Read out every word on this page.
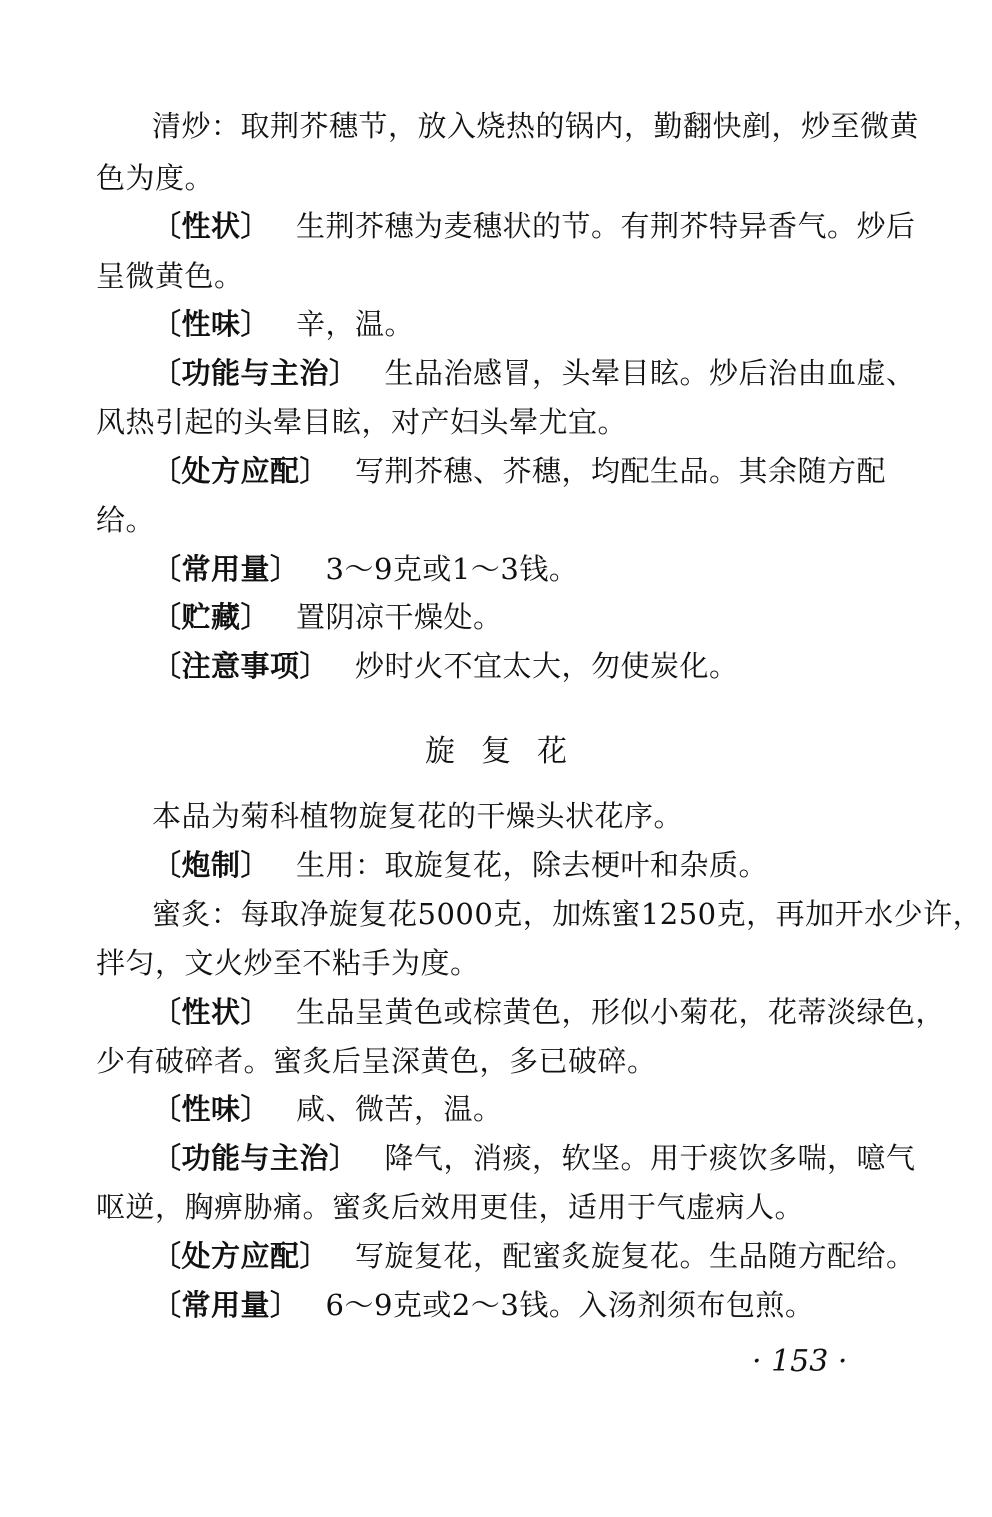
清炒：取荆芥穗节，放入烧热的锅内，勤翻快剷，炒至微黄
色为度。
〔性状〕 生荆芥穗为麦穗状的节。有荆芥特异香气。炒后
呈微黄色。
〔性味〕 辛，温。
〔功能与主治〕 生品治感冒，头晕目眩。炒后治由血虚、
风热引起的头晕目眩，对产妇头晕尤宜。
〔处方应配〕 写荆芥穗、芥穗，均配生品。其余随方配
给。
〔常用量〕 3～9克或1～3钱。
〔贮藏〕 置阴凉干燥处。
〔注意事项〕 炒时火不宜太大，勿使炭化。
旋复花
本品为菊科植物旋复花的干燥头状花序。
〔炮制〕 生用：取旋复花，除去梗叶和杂质。
蜜炙：每取净旋复花5000克，加炼蜜1250克，再加开水少许，
拌匀，文火炒至不粘手为度。
〔性状〕 生品呈黄色或棕黄色，形似小菊花，花蒂淡绿色，
少有破碎者。蜜炙后呈深黄色，多已破碎。
〔性味〕 咸、微苦，温。
〔功能与主治〕 降气，消痰，软坚。用于痰饮多喘，噫气
呕逆，胸痹胁痛。蜜炙后效用更佳，适用于气虚病人。
〔处方应配〕 写旋复花，配蜜炙旋复花。生品随方配给。
〔常用量〕 6～9克或2～3钱。入汤剂须布包煎。
· 153 ·
